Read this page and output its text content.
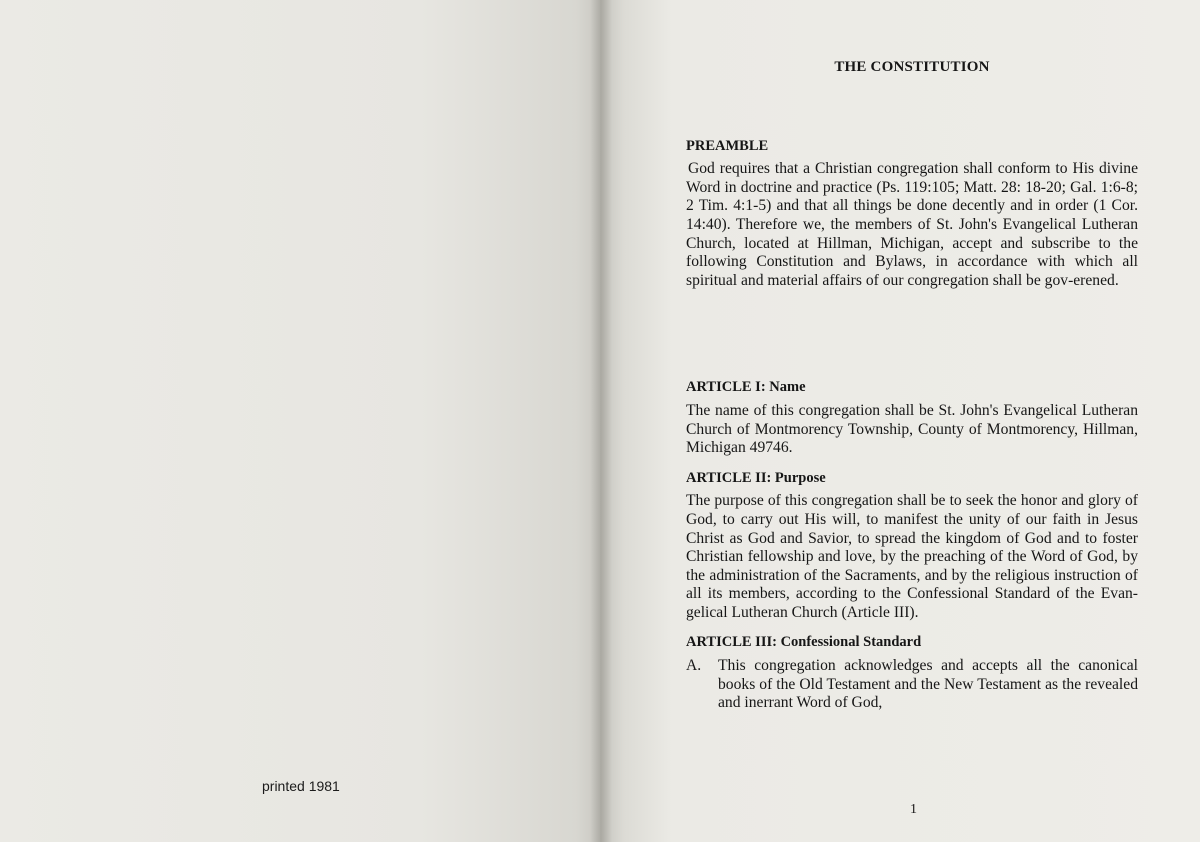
printed 1981
THE CONSTITUTION
PREAMBLE

God requires that a Christian congregation shall conform to His divine Word in doctrine and practice (Ps. 119:105; Matt. 28: 18-20; Gal. 1:6-8; 2 Tim. 4:1-5) and that all things be done decently and in order (1 Cor. 14:40). Therefore we, the members of St. John's Evangelical Lutheran Church, located at Hillman, Michigan, accept and subscribe to the following Constitution and Bylaws, in accordance with which all spiritual and material affairs of our congregation shall be gov-erened.

ARTICLE I: Name

The name of this congregation shall be St. John's Evangelical Lutheran Church of Montmorency Township, County of Montmorency, Hillman, Michigan 49746.

ARTICLE II: Purpose

The purpose of this congregation shall be to seek the honor and glory of God, to carry out His will, to manifest the unity of our faith in Jesus Christ as God and Savior, to spread the kingdom of God and to foster Christian fellowship and love, by the preaching of the Word of God, by the administration of the Sacraments, and by the religious instruction of all its members, according to the Confessional Standard of the Evan-gelical Lutheran Church (Article III).

ARTICLE III: Confessional Standard
A.	This congregation acknowledges and accepts all the canonical books of the Old Testament and the New Testament as the revealed and inerrant Word of God,
1
